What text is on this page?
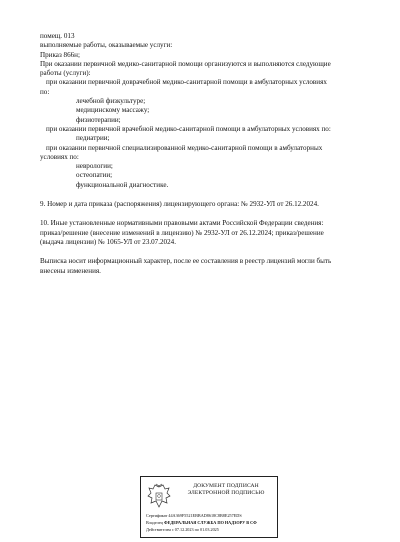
помещ. 013
выполняемые работы, оказываемые услуги:
Приказ 866н;
При оказании первичной медико-санитарной помощи организуются и выполняются следующие
работы (услуги):
при оказании первичной доврачебной медико-санитарной помощи в амбулаторных условиях
по:
лечебной физкультуре;
медицинскому массажу;
физиотерапии;
при оказании первичной врачебной медико-санитарной помощи в амбулаторных условиях по:
педиатрии;
при оказании первичной специализированной медико-санитарной помощи в амбулаторных
условиях по:
неврологии;
остеопатии;
функциональной диагностике.
9. Номер и дата приказа (распоряжения) лицензирующего органа: № 2932-УЛ от 26.12.2024.
10. Иные установленные нормативными правовыми актами Российской Федерации сведения:
приказ/решение (внесение изменений в лицензию) № 2932-УЛ от 26.12.2024; приказ/решение
(выдача лицензии) № 1065-УЛ от 23.07.2024.
Выписка носит информационный характер, после ее составления в реестр лицензий могли быть
внесены изменения.
ДОКУМЕНТ ПОДПИСАН
ЭЛЕКТРОННОЙ ПОДПИСЬЮ
Сертификат 44A369F5521EBBAD8618C8B8E257EDS
Владелец ФЕДЕРАЛЬНАЯ СЛУЖБА ПО НАДЗОРУ В СФ
Действителен с 07.12.2023 по 01.03.2025
